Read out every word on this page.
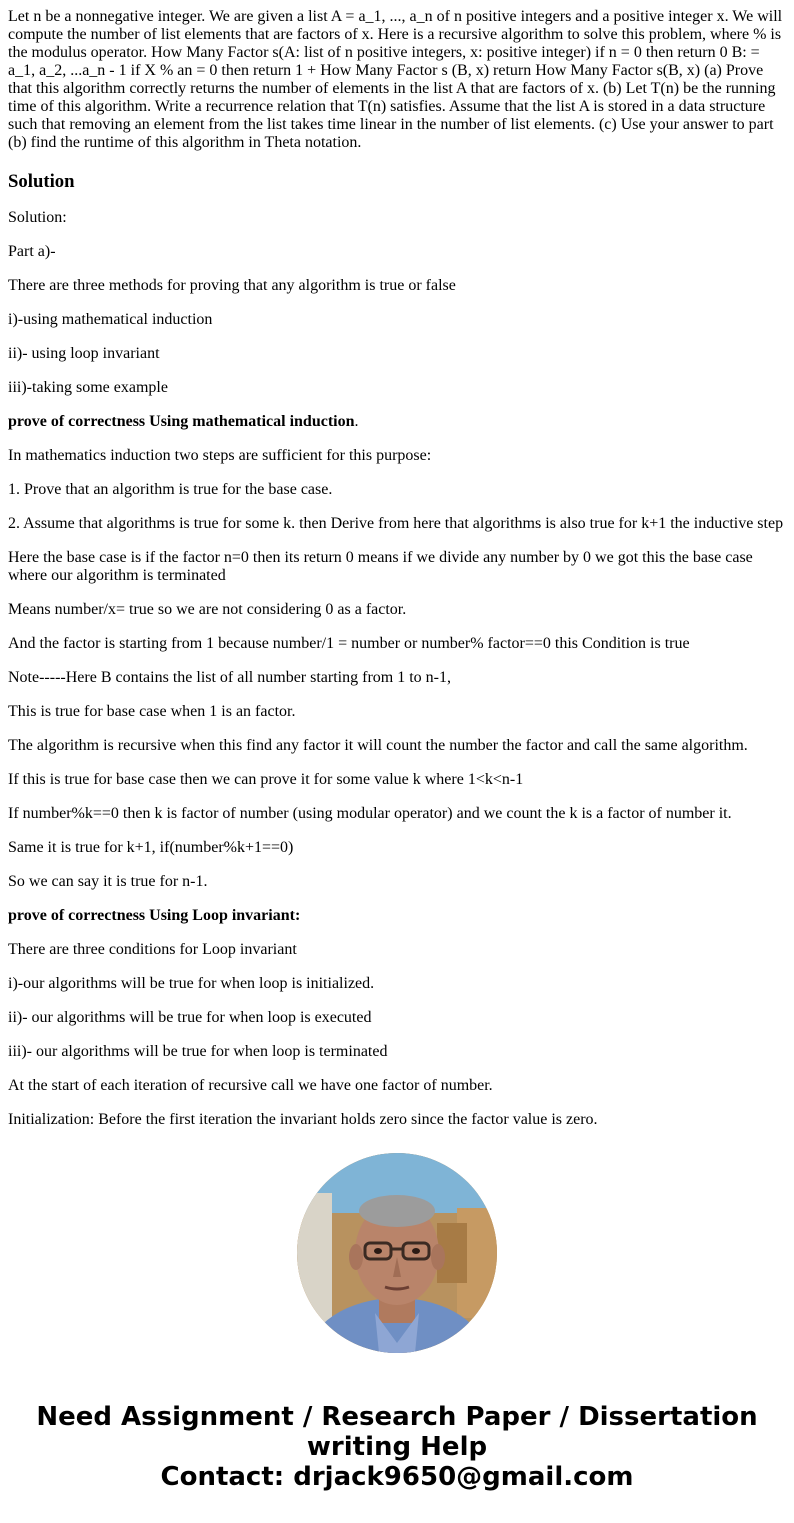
Let n be a nonnegative integer. We are given a list A = a_1, ..., a_n of n positive integers and a positive integer x. We will compute the number of list elements that are factors of x. Here is a recursive algorithm to solve this problem, where % is the modulus operator. How Many Factor s(A: list of n positive integers, x: positive integer) if n = 0 then return 0 B: = a_1, a_2, ...a_n - 1 if X % an = 0 then return 1 + How Many Factor s (B, x) return How Many Factor s(B, x) (a) Prove that this algorithm correctly returns the number of elements in the list A that are factors of x. (b) Let T(n) be the running time of this algorithm. Write a recurrence relation that T(n) satisfies. Assume that the list A is stored in a data structure such that removing an element from the list takes time linear in the number of list elements. (c) Use your answer to part (b) find the runtime of this algorithm in Theta notation.

Solution

Solution:

Part a)-

There are three methods for proving that any algorithm is true or false

i)-using mathematical induction

ii)- using loop invariant

iii)-taking some example

prove of correctness Using mathematical induction.

In mathematics induction two steps are sufficient for this purpose:

1. Prove that an algorithm is true for the base case.

2. Assume that algorithms is true for some k. then Derive from here that algorithms is also true for k+1 the inductive step

Here the base case is if the factor n=0 then its return 0 means if we divide any number by 0 we got this the base case where our algorithm is terminated

Means number/x= true so we are not considering 0 as a factor.

And the factor is starting from 1 because number/1 = number or number% factor==0 this Condition is true

Note-----Here B contains the list of all number starting from 1 to n-1,

This is true for base case when 1 is an factor.

The algorithm is recursive when this find any factor it will count the number the factor and call the same algorithm.

If this is true for base case then we can prove it for some value k where 1<k<n-1

If number%k==0 then k is factor of number (using modular operator) and we count the k is a factor of number it.

Same it is true for k+1, if(number%k+1==0)

So we can say it is true for n-1.

prove of correctness Using Loop invariant:

There are three conditions for Loop invariant

i)-our algorithms will be true for when loop is initialized.

ii)- our algorithms will be true for when loop is executed

iii)- our algorithms will be true for when loop is terminated

At the start of each iteration of recursive call we have one factor of number.

Initialization: Before the first iteration the invariant holds zero since the factor value is zero.

Need Assignment / Research Paper / Dissertation
writing Help
Contact: drjack9650@gmail.com
